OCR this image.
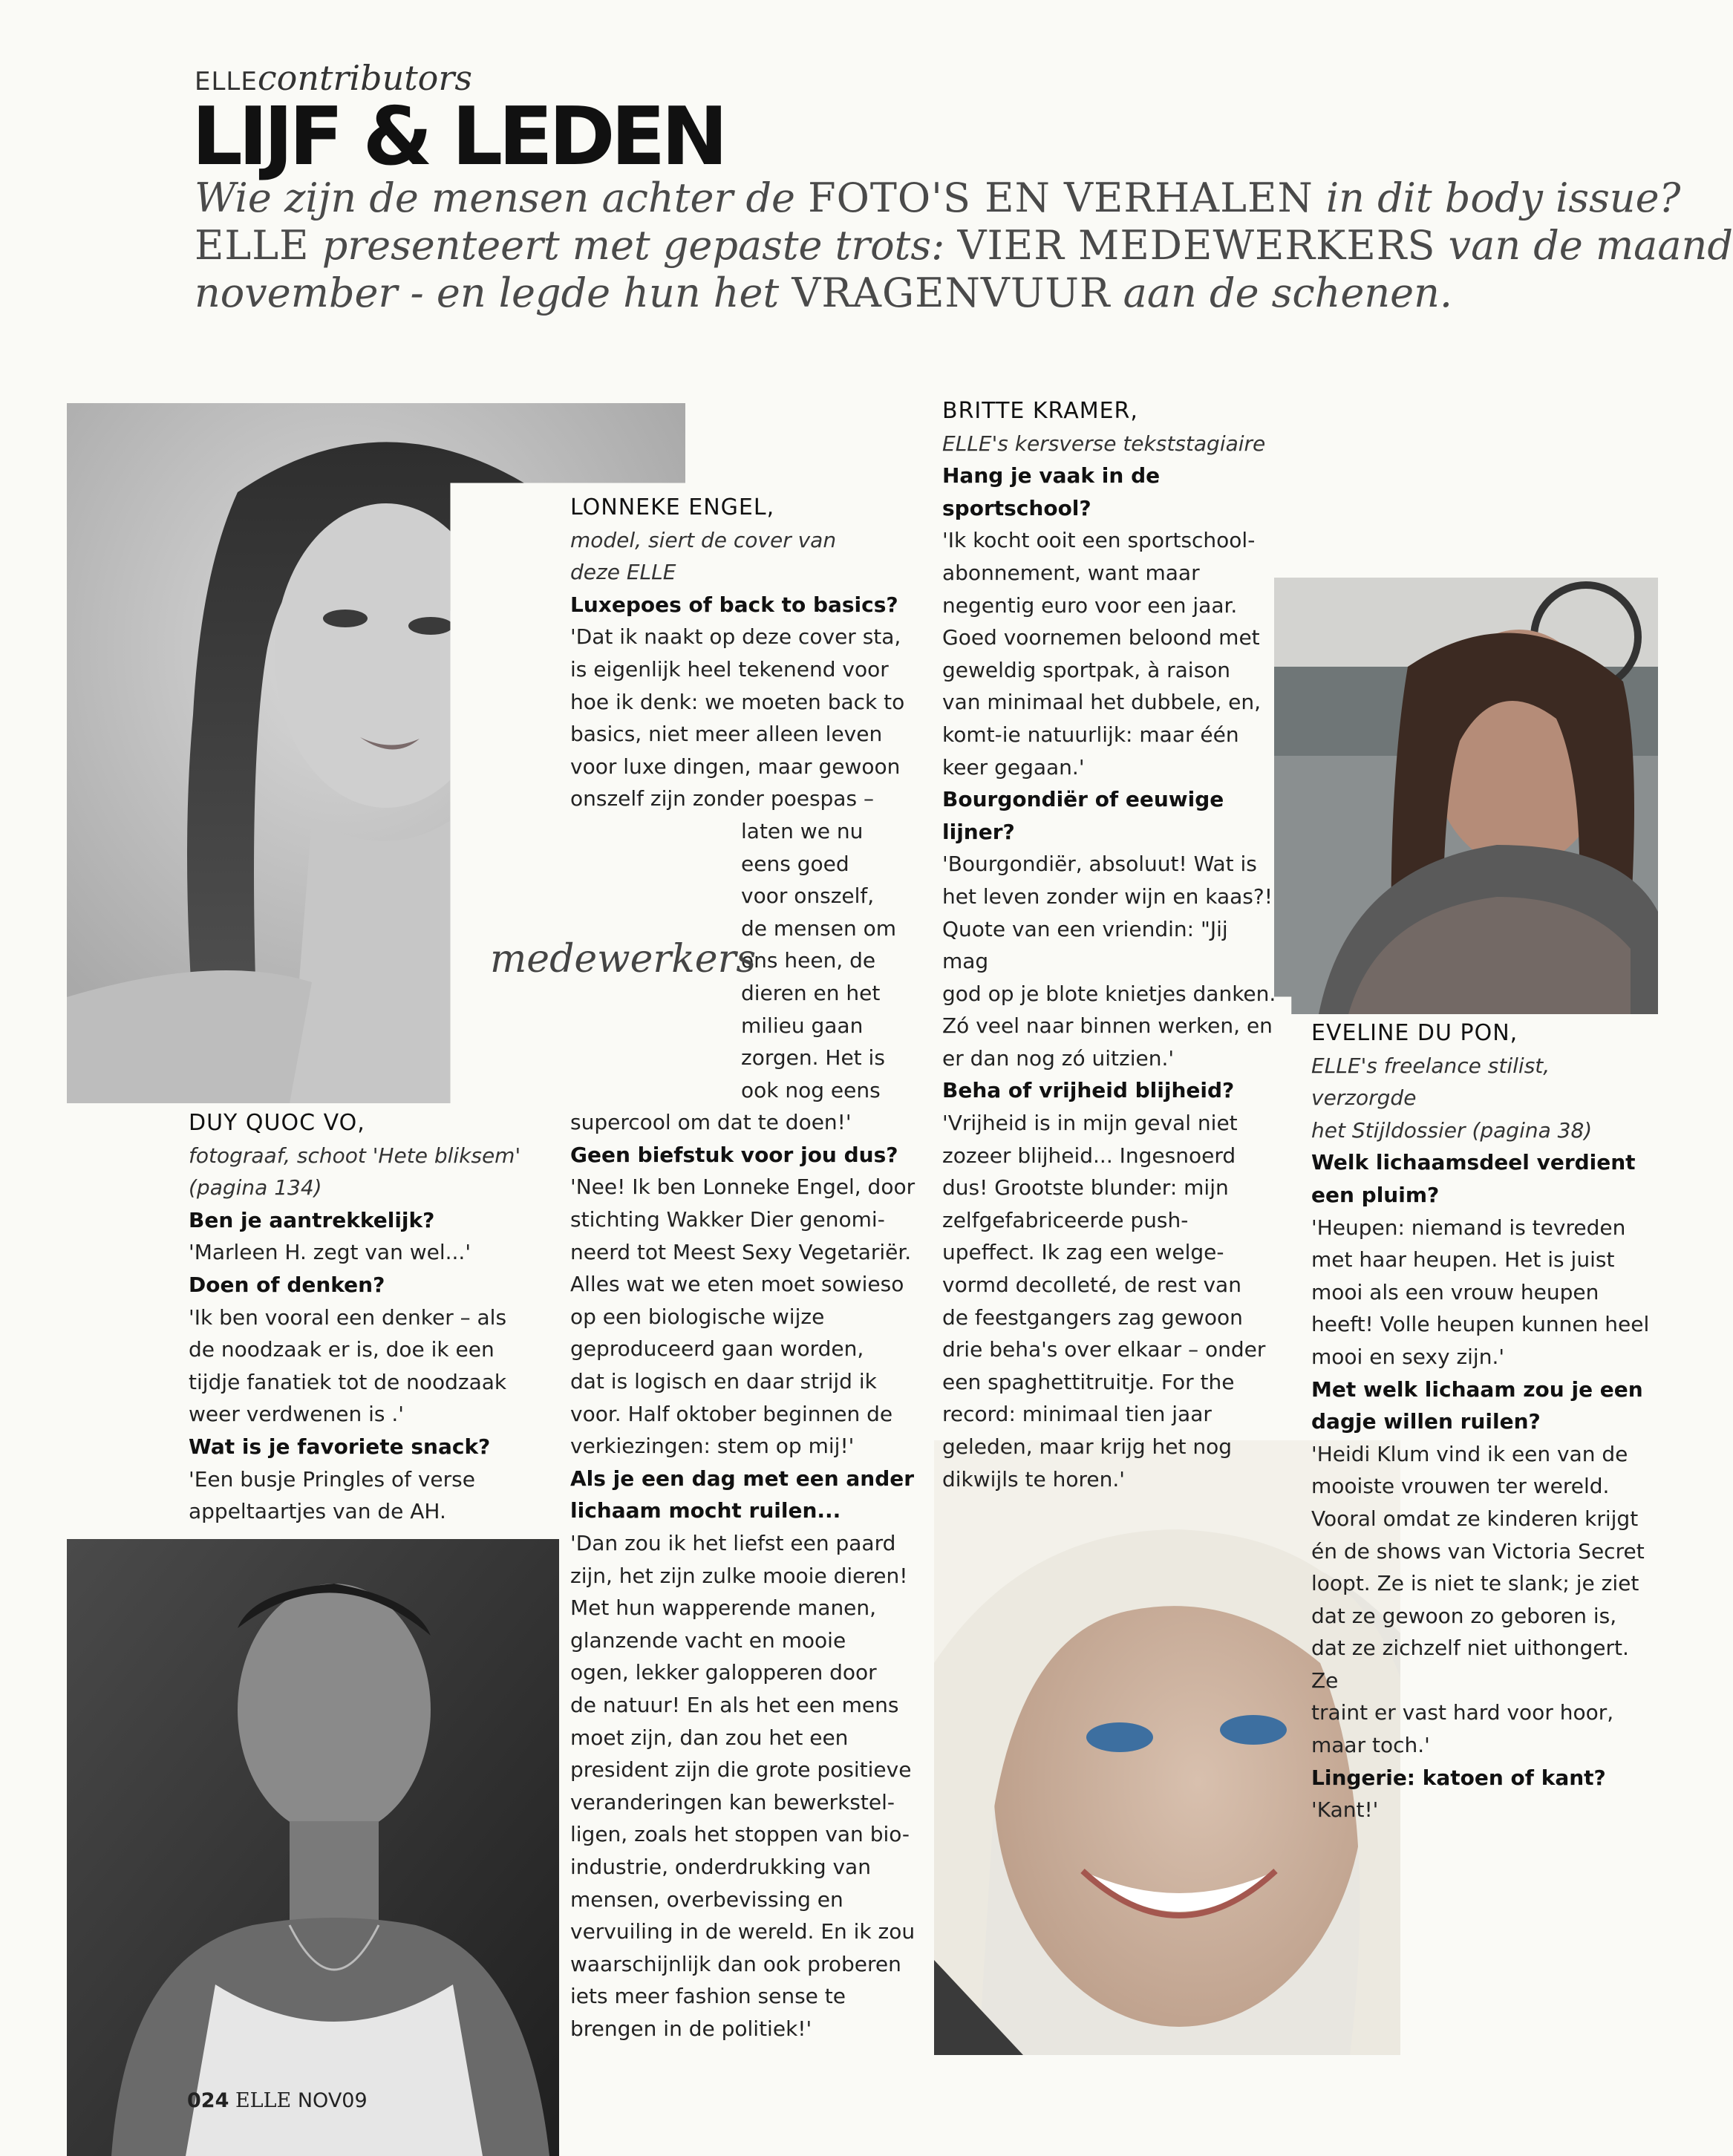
ELLEcontributors
LIJF & LEDEN
Wie zijn de mensen achter de FOTO'S EN VERHALEN in dit body issue?
ELLE presenteert met gepaste trots: VIER MEDEWERKERS van de maand
november - en legde hun het VRAGENVUUR aan de schenen.

LONNEKE ENGEL,

model, siert de cover van

deze ELLE

Luxepoes of back to basics?

'Dat ik naakt op deze cover sta,

is eigenlijk heel tekenend voor

hoe ik denk: we moeten back to

basics, niet meer alleen leven

voor luxe dingen, maar gewoon

onszelf zijn zonder poespas –

laten we nu

eens goed

voor onszelf,

de mensen om

ons heen, de

dieren en het

milieu gaan

zorgen. Het is

ook nog eens

supercool om dat te doen!'

Geen biefstuk voor jou dus?

'Nee! Ik ben Lonneke Engel, door

stichting Wakker Dier genomi-

neerd tot Meest Sexy Vegetariër.

Alles wat we eten moet sowieso

op een biologische wijze

geproduceerd gaan worden,

dat is logisch en daar strijd ik

voor. Half oktober beginnen de

verkiezingen: stem op mij!'

Als je een dag met een ander

lichaam mocht ruilen...

'Dan zou ik het liefst een paard

zijn, het zijn zulke mooie dieren!

Met hun wapperende manen,

glanzende vacht en mooie

ogen, lekker galopperen door

de natuur! En als het een mens

moet zijn, dan zou het een

president zijn die grote positieve

veranderingen kan bewerkstel-

ligen, zoals het stoppen van bio-

industrie, onderdrukking van

mensen, overbevissing en

vervuiling in de wereld. En ik zou

waarschijnlijk dan ook proberen

iets meer fashion sense te

brengen in de politiek!'

DUY QUOC VO,

fotograaf, schoot 'Hete bliksem'

(pagina 134)

Ben je aantrekkelijk?

'Marleen H. zegt van wel...'

Doen of denken?

'Ik ben vooral een denker – als

de noodzaak er is, doe ik een

tijdje fanatiek tot de noodzaak

weer verdwenen is .'

Wat is je favoriete snack?

'Een busje Pringles of verse

appeltaartjes van de AH.

BRITTE KRAMER,

ELLE's kersverse tekststagiaire

Hang je vaak in de

sportschool?

'Ik kocht ooit een sportschool-

abonnement, want maar

negentig euro voor een jaar.

Goed voornemen beloond met

geweldig sportpak, à raison

van minimaal het dubbele, en,

komt-ie natuurlijk: maar één

keer gegaan.'

Bourgondiër of eeuwige

lijner?

'Bourgondiër, absoluut! Wat is

het leven zonder wijn en kaas?!

Quote van een vriendin: "Jij mag

god op je blote knietjes danken.

Zó veel naar binnen werken, en

er dan nog zó uitzien.'

Beha of vrijheid blijheid?

'Vrijheid is in mijn geval niet

zozeer blijheid... Ingesnoerd

dus! Grootste blunder: mijn

zelfgefabriceerde push-

upeffect. Ik zag een welge-

vormd decolleté, de rest van

de feestgangers zag gewoon

drie beha's over elkaar – onder

een spaghettitruitje. For the

record: minimaal tien jaar

geleden, maar krijg het nog

dikwijls te horen.'

EVELINE DU PON,

ELLE's freelance stilist, verzorgde

het Stijldossier (pagina 38)

Welk lichaamsdeel verdient

een pluim?

'Heupen: niemand is tevreden

met haar heupen. Het is juist

mooi als een vrouw heupen

heeft! Volle heupen kunnen heel

mooi en sexy zijn.'

Met welk lichaam zou je een

dagje willen ruilen?

'Heidi Klum vind ik een van de

mooiste vrouwen ter wereld.

Vooral omdat ze kinderen krijgt

én de shows van Victoria Secret

loopt. Ze is niet te slank; je ziet

dat ze gewoon zo geboren is,

dat ze zichzelf niet uithongert. Ze

traint er vast hard voor hoor,

maar toch.'

Lingerie: katoen of kant?

'Kant!'

medewerkers
024 ELLE NOV09
